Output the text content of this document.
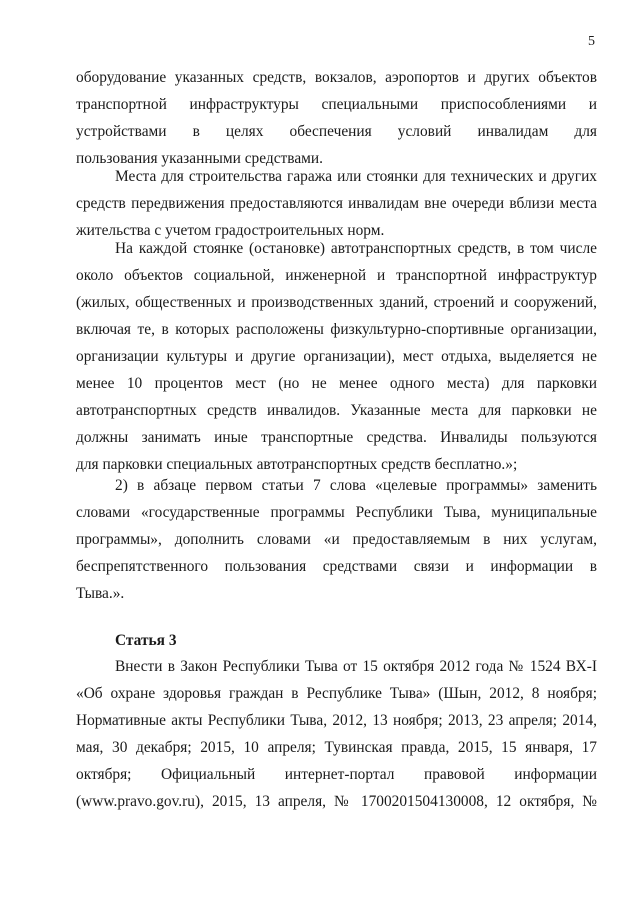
5
оборудование указанных средств, вокзалов, аэропортов и других объектов
транспортной инфраструктуры специальными приспособлениями и
устройствами в целях обеспечения условий инвалидам для
пользования указанными средствами.
Места для строительства гаража или стоянки для технических и других
средств передвижения предоставляются инвалидам вне очереди вблизи места
жительства с учетом градостроительных норм.
На каждой стоянке (остановке) автотранспортных средств, в том числе
около объектов социальной, инженерной и транспортной инфраструктур
(жилых, общественных и производственных зданий, строений и сооружений,
включая те, в которых расположены физкультурно-спортивные организации,
организации культуры и другие организации), мест отдыха, выделяется не
менее 10 процентов мест (но не менее одного места) для парковки
автотранспортных средств инвалидов. Указанные места для парковки не
должны занимать иные транспортные средства. Инвалиды пользуются
для парковки специальных автотранспортных средств бесплатно.»;
2) в абзаце первом статьи 7 слова «целевые программы» заменить
словами «государственные программы Республики Тыва, муниципальные
программы», дополнить словами «и предоставляемым в них услугам,
беспрепятственного пользования средствами связи и информации в
Тыва.».
Статья 3
Внести в Закон Республики Тыва от 15 октября 2012 года № 1524 ВХ-I
«Об охране здоровья граждан в Республике Тыва» (Шын, 2012, 8 ноября;
Нормативные акты Республики Тыва, 2012, 13 ноября; 2013, 23 апреля; 2014,
мая, 30 декабря; 2015, 10 апреля; Тувинская правда, 2015, 15 января, 17
октября; Официальный интернет-портал правовой информации
(www.pravo.gov.ru), 2015, 13 апреля, № 1700201504130008, 12 октября, №
